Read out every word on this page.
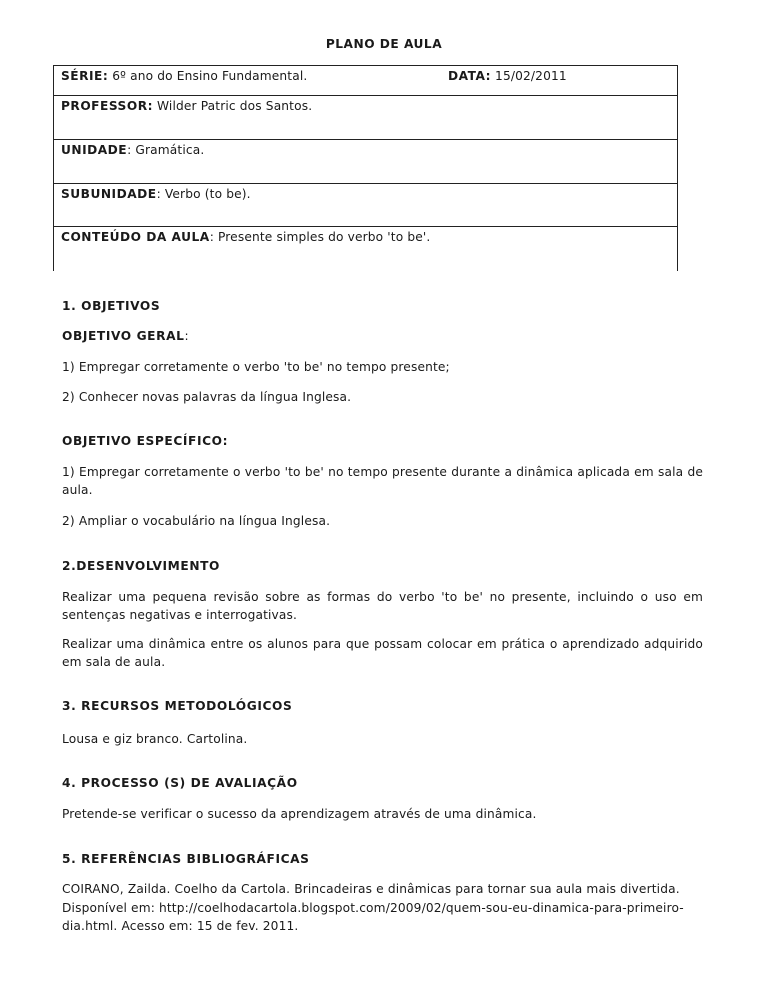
PLANO DE AULA
SÉRIE: 6º ano do Ensino Fundamental.	DATA: 15/02/2011
PROFESSOR: Wilder Patric dos Santos.
UNIDADE: Gramática.
SUBUNIDADE: Verbo (to be).
CONTEÚDO DA AULA: Presente simples do verbo 'to be'.
1. OBJETIVOS
OBJETIVO GERAL:
1) Empregar corretamente o verbo 'to be' no tempo presente;
2) Conhecer novas palavras da língua Inglesa.
OBJETIVO ESPECÍFICO:
1) Empregar corretamente o verbo 'to be' no tempo presente durante a dinâmica aplicada em sala de aula.
2) Ampliar o vocabulário na língua Inglesa.
2.DESENVOLVIMENTO
Realizar uma pequena revisão sobre as formas do verbo 'to be' no presente, incluindo o uso em sentenças negativas e interrogativas.
Realizar uma dinâmica entre os alunos para que possam colocar em prática o aprendizado adquirido em sala de aula.
3. RECURSOS METODOLÓGICOS
Lousa e giz branco. Cartolina.
4. PROCESSO (S) DE AVALIAÇÃO
Pretende-se verificar o sucesso da aprendizagem através de uma dinâmica.
5. REFERÊNCIAS BIBLIOGRÁFICAS
COIRANO, Zailda. Coelho da Cartola. Brincadeiras e dinâmicas para tornar sua aula mais divertida.
Disponível em: http://coelhodacartola.blogspot.com/2009/02/quem-sou-eu-dinamica-para-primeiro-
dia.html. Acesso em: 15 de fev. 2011.
